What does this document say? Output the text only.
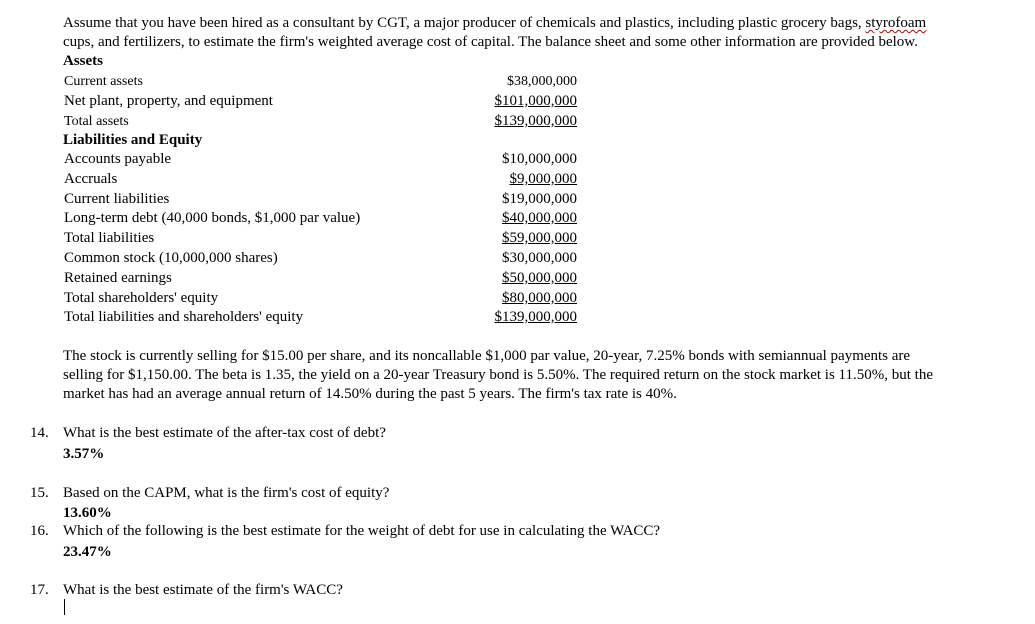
Assume that you have been hired as a consultant by CGT, a major producer of chemicals and plastics, including plastic grocery bags, styrofoam
cups, and fertilizers, to estimate the firm's weighted average cost of capital. The balance sheet and some other information are provided below.
Assets
Current assets	$38,000,000
Net plant, property, and equipment	$101,000,000
Total assets	$139,000,000
Liabilities and Equity
Accounts payable	$10,000,000
Accruals	$9,000,000
Current liabilities	$19,000,000
Long-term debt (40,000 bonds, $1,000 par value)	$40,000,000
Total liabilities	$59,000,000
Common stock (10,000,000 shares)	$30,000,000
Retained earnings	$50,000,000
Total shareholders' equity	$80,000,000
Total liabilities and shareholders' equity	$139,000,000
The stock is currently selling for $15.00 per share, and its noncallable $1,000 par value, 20-year, 7.25% bonds with semiannual payments are
selling for $1,150.00. The beta is 1.35, the yield on a 20-year Treasury bond is 5.50%. The required return on the stock market is 11.50%, but the
market has had an average annual return of 14.50% during the past 5 years. The firm's tax rate is 40%.
14. What is the best estimate of the after-tax cost of debt?
3.57%
15. Based on the CAPM, what is the firm's cost of equity?
13.60%
16. Which of the following is the best estimate for the weight of debt for use in calculating the WACC?
23.47%
17. What is the best estimate of the firm's WACC?
